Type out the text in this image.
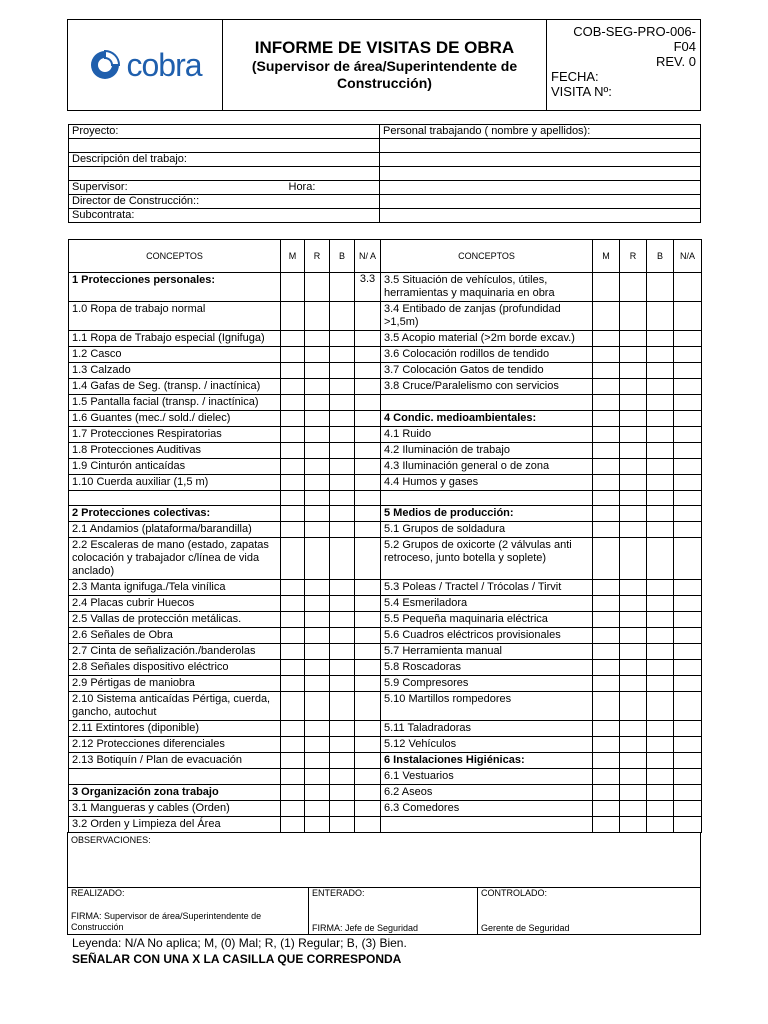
cobra	INFORME DE VISITAS DE OBRA
(Supervisor de área/Superintendente de Construcción)

COB-SEG-PRO-006-F04
REV. 0
FECHA:
VISITA Nº:
Proyecto:	Personal trabajando ( nombre y apellidos):

Descripción del trabajo:	

Supervisor: Hora:	

Director de Construcción::	
Subcontrata:	
CONCEPTOS	M	R	B	N/ A	CONCEPTOS	M	R	B	N/A
1 Protecciones personales:				3.3	3.5 Situación de vehículos, útiles, herramientas y maquinaria en obra				
1.0 Ropa de trabajo normal					3.4 Entibado de zanjas (profundidad >1,5m)				
1.1 Ropa de Trabajo especial (Ignifuga)					3.5 Acopio material (>2m borde excav.)				
1.2 Casco					3.6 Colocación rodillos de tendido				
1.3 Calzado					3.7 Colocación Gatos de tendido				
1.4 Gafas de Seg. (transp. / inactínica)					3.8 Cruce/Paralelismo con servicios				
1.5 Pantalla facial (transp. / inactínica)									
1.6 Guantes (mec./ sold./ dielec)					4 Condic. medioambientales:				
1.7 Protecciones Respiratorias					4.1 Ruido				
1.8 Protecciones Auditivas					4.2 Iluminación de trabajo				
1.9 Cinturón anticaídas					4.3 Iluminación general o de zona				
1.10 Cuerda auxiliar (1,5 m)					4.4 Humos y gases				

2 Protecciones colectivas:					5 Medios de producción:				
2.1 Andamios (plataforma/barandilla)					5.1 Grupos de soldadura				
2.2 Escaleras de mano (estado, zapatas colocación y trabajador c/línea de vida anclado)					5.2 Grupos de oxicorte (2 válvulas anti retroceso, junto botella y soplete)				
2.3 Manta ignifuga./Tela vinílica					5.3 Poleas / Tractel / Trócolas / Tirvit				
2.4 Placas cubrir Huecos					5.4 Esmeriladora				
2.5 Vallas de protección metálicas.					5.5 Pequeña maquinaria eléctrica				
2.6 Señales de Obra					5.6 Cuadros eléctricos provisionales				
2.7 Cinta de señalización./banderolas					5.7 Herramienta manual				
2.8 Señales dispositivo eléctrico					5.8 Roscadoras				
2.9 Pértigas de maniobra					5.9 Compresores				
2.10 Sistema anticaídas Pértiga, cuerda, gancho, autochut					5.10 Martillos rompedores				
2.11 Extintores (diponible)					5.11 Taladradoras				
2.12 Protecciones diferenciales					5.12 Vehículos				
2.13 Botiquín / Plan de evacuación					6 Instalaciones Higiénicas:				
					6.1 Vestuarios				
3 Organización zona trabajo					6.2 Aseos				
3.1 Mangueras y cables (Orden)					6.3 Comedores				
3.2 Orden y Limpieza del Área									
OBSERVACIONES:

REALIZADO:
FIRMA: Supervisor de área/Superintendente de Construcción

ENTERADO:
FIRMA: Jefe de Seguridad

CONTROLADO:
Gerente de Seguridad
Leyenda: N/A No aplica; M, (0) Mal; R, (1) Regular; B, (3) Bien.
SEÑALAR CON UNA X LA CASILLA QUE CORRESPONDA
